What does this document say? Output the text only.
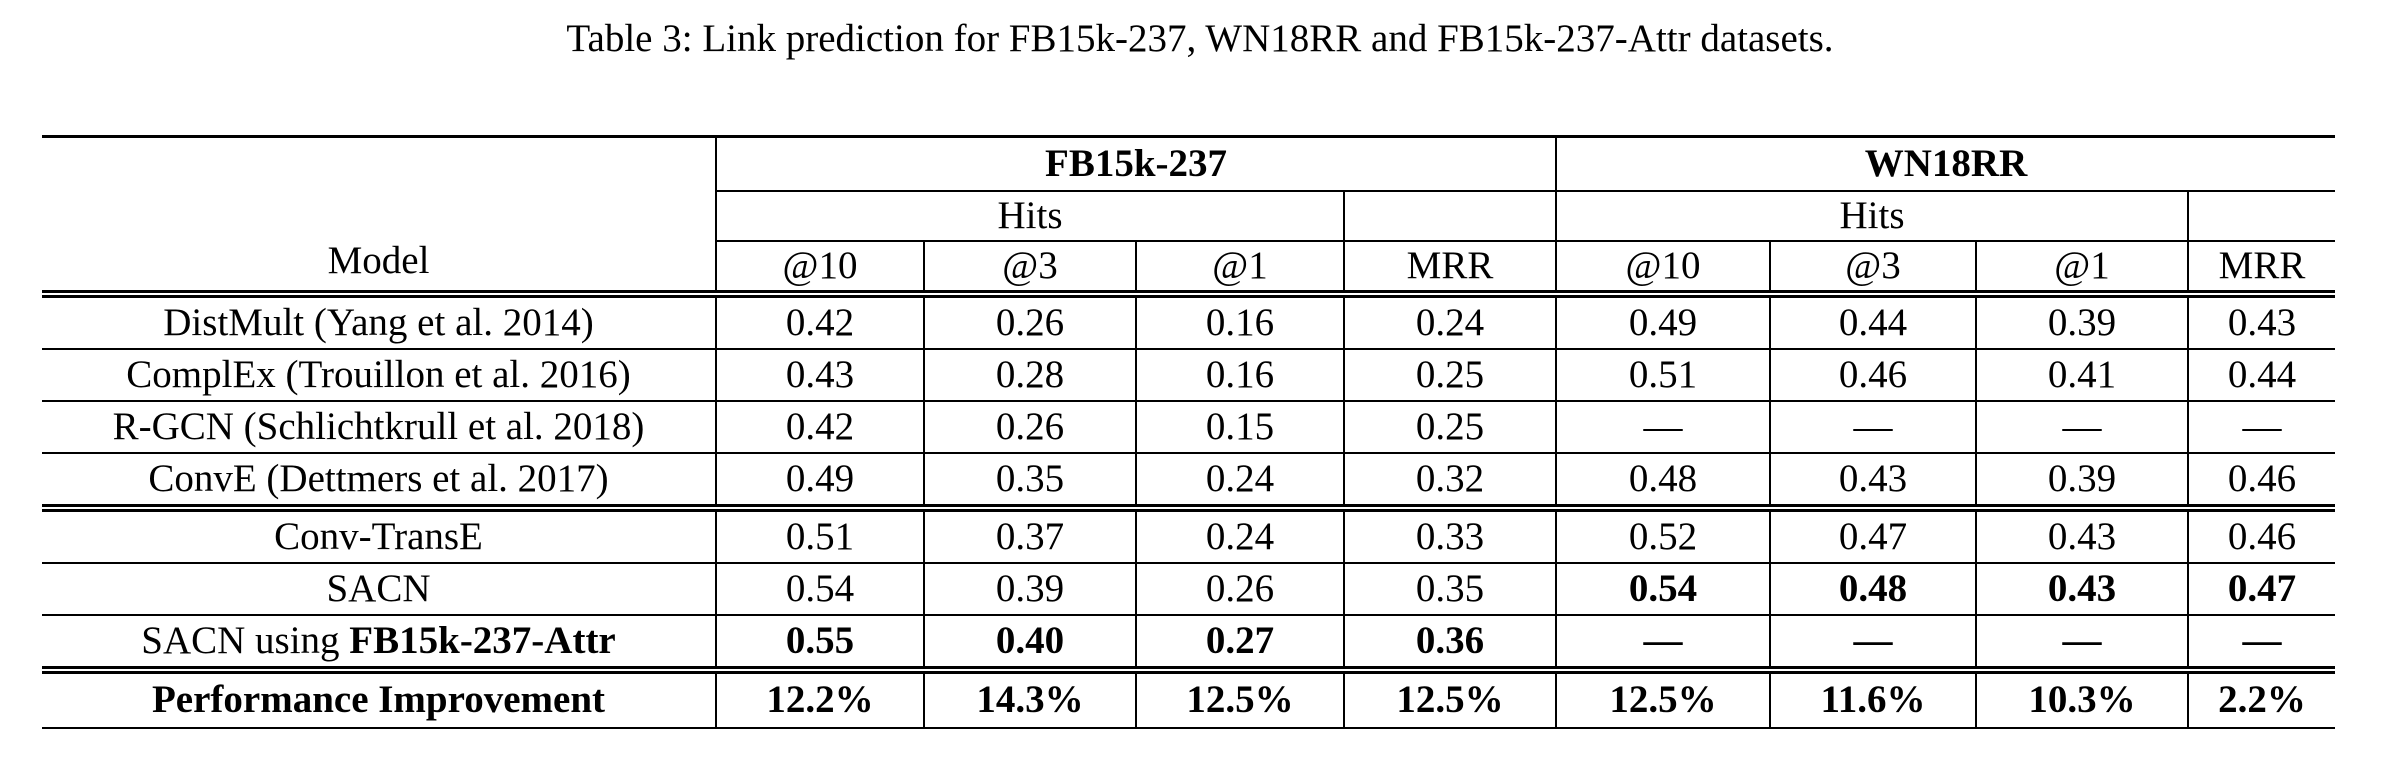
Table 3: Link prediction for FB15k-237, WN18RR and FB15k-237-Attr datasets.
Model	FB15k-237				WN18RR			
	Hits				Hits			
	@10	@3	@1	MRR	@10	@3	@1	MRR
DistMult (Yang et al. 2014)	0.42	0.26	0.16	0.24	0.49	0.44	0.39	0.43
ComplEx (Trouillon et al. 2016)	0.43	0.28	0.16	0.25	0.51	0.46	0.41	0.44
R-GCN (Schlichtkrull et al. 2018)	0.42	0.26	0.15	0.25	—	—	—	—
ConvE (Dettmers et al. 2017)	0.49	0.35	0.24	0.32	0.48	0.43	0.39	0.46
Conv-TransE	0.51	0.37	0.24	0.33	0.52	0.47	0.43	0.46
SACN	0.54	0.39	0.26	0.35	0.54	0.48	0.43	0.47
SACN using FB15k-237-Attr	0.55	0.40	0.27	0.36	—	—	—	—
Performance Improvement	12.2%	14.3%	12.5%	12.5%	12.5%	11.6%	10.3%	2.2%
